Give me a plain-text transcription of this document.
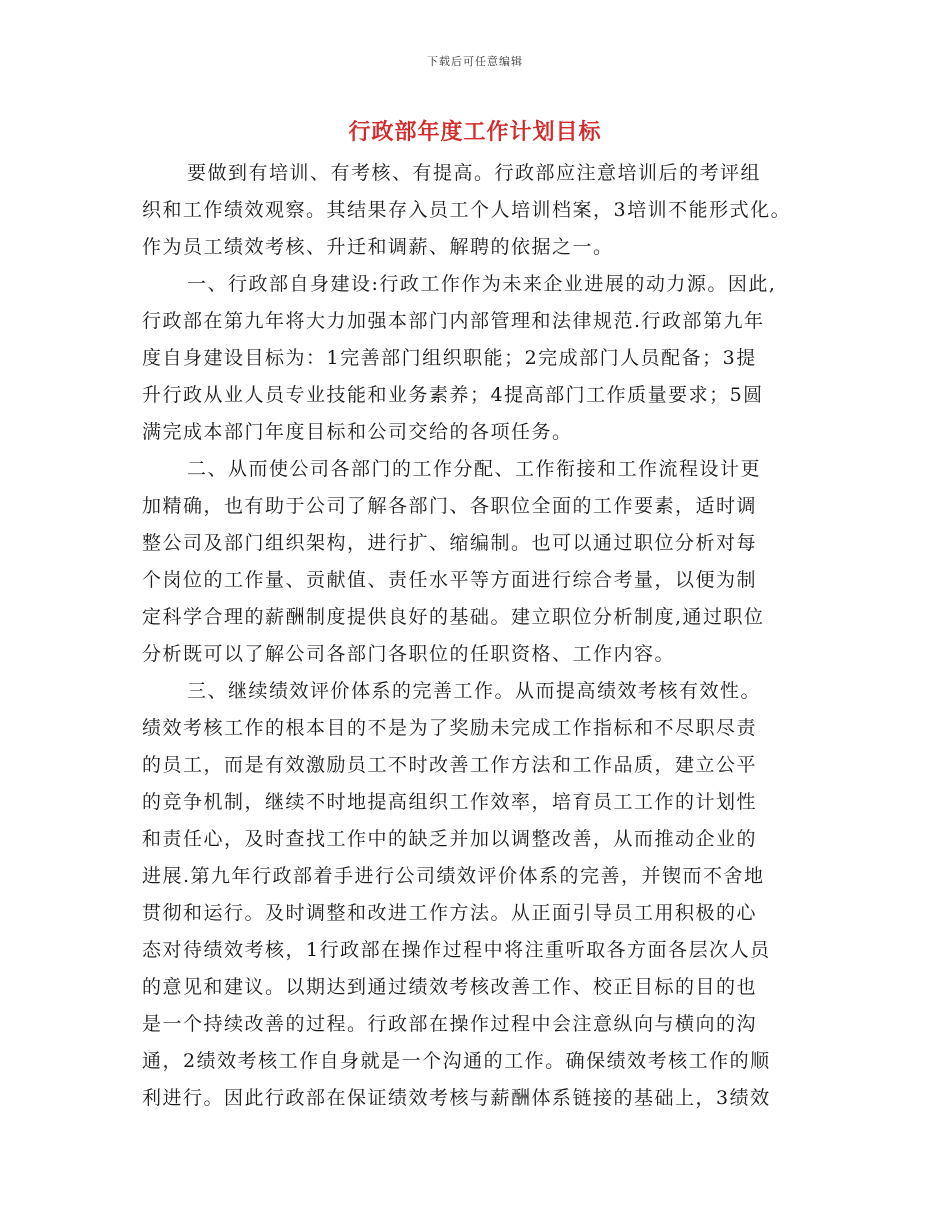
下载后可任意编辑
行政部年度工作计划目标
要做到有培训、有考核、有提高。行政部应注意培训后的考评组
织和工作绩效观察。其结果存入员工个人培训档案，3培训不能形式化。
作为员工绩效考核、升迁和调薪、解聘的依据之一。
一、行政部自身建设:行政工作作为未来企业进展的动力源。因此,
行政部在第九年将大力加强本部门内部管理和法律规范.行政部第九年
度自身建设目标为：1完善部门组织职能；2完成部门人员配备；3提
升行政从业人员专业技能和业务素养；4提高部门工作质量要求；5圆
满完成本部门年度目标和公司交给的各项任务。
二、从而使公司各部门的工作分配、工作衔接和工作流程设计更
加精确，也有助于公司了解各部门、各职位全面的工作要素，适时调
整公司及部门组织架构，进行扩、缩编制。也可以通过职位分析对每
个岗位的工作量、贡献值、责任水平等方面进行综合考量，以便为制
定科学合理的薪酬制度提供良好的基础。建立职位分析制度,通过职位
分析既可以了解公司各部门各职位的任职资格、工作内容。
三、继续绩效评价体系的完善工作。从而提高绩效考核有效性。
绩效考核工作的根本目的不是为了奖励未完成工作指标和不尽职尽责
的员工，而是有效激励员工不时改善工作方法和工作品质，建立公平
的竞争机制，继续不时地提高组织工作效率，培育员工工作的计划性
和责任心，及时查找工作中的缺乏并加以调整改善，从而推动企业的
进展.第九年行政部着手进行公司绩效评价体系的完善，并锲而不舍地
贯彻和运行。及时调整和改进工作方法。从正面引导员工用积极的心
态对待绩效考核，1行政部在操作过程中将注重听取各方面各层次人员
的意见和建议。以期达到通过绩效考核改善工作、校正目标的目的也
是一个持续改善的过程。行政部在操作过程中会注意纵向与横向的沟
通，2绩效考核工作自身就是一个沟通的工作。确保绩效考核工作的顺
利进行。因此行政部在保证绩效考核与薪酬体系链接的基础上，3绩效
